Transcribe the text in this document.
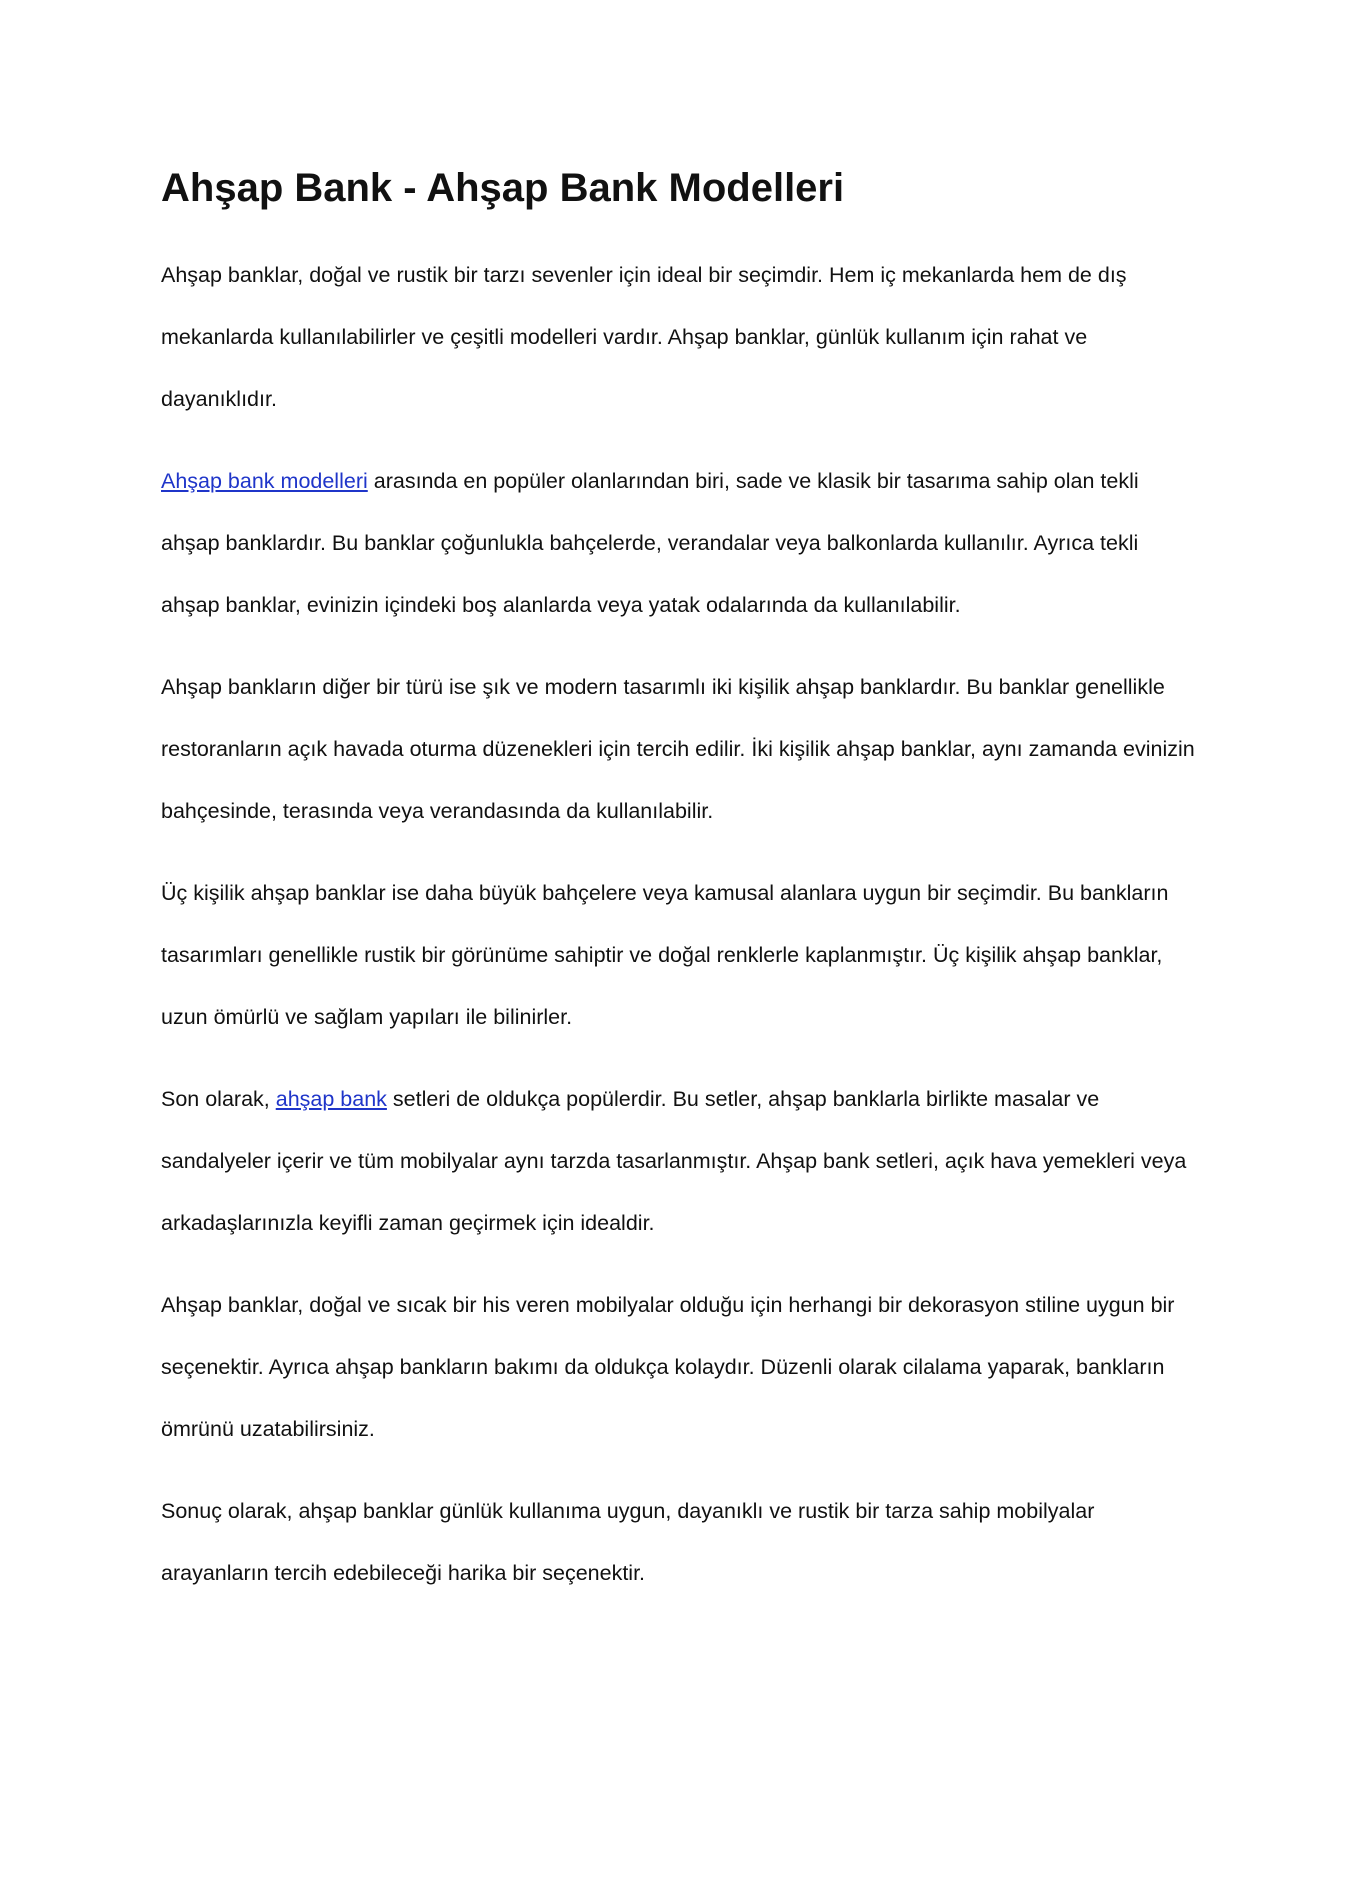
Ahşap Bank - Ahşap Bank Modelleri

Ahşap banklar, doğal ve rustik bir tarzı sevenler için ideal bir seçimdir. Hem iç mekanlarda hem de dış mekanlarda kullanılabilirler ve çeşitli modelleri vardır. Ahşap banklar, günlük kullanım için rahat ve dayanıklıdır.

Ahşap bank modelleri arasında en popüler olanlarından biri, sade ve klasik bir tasarıma sahip olan tekli ahşap banklardır. Bu banklar çoğunlukla bahçelerde, verandalar veya balkonlarda kullanılır. Ayrıca tekli ahşap banklar, evinizin içindeki boş alanlarda veya yatak odalarında da kullanılabilir.

Ahşap bankların diğer bir türü ise şık ve modern tasarımlı iki kişilik ahşap banklardır. Bu banklar genellikle restoranların açık havada oturma düzenekleri için tercih edilir. İki kişilik ahşap banklar, aynı zamanda evinizin bahçesinde, terasında veya verandasında da kullanılabilir.

Üç kişilik ahşap banklar ise daha büyük bahçelere veya kamusal alanlara uygun bir seçimdir. Bu bankların tasarımları genellikle rustik bir görünüme sahiptir ve doğal renklerle kaplanmıştır. Üç kişilik ahşap banklar, uzun ömürlü ve sağlam yapıları ile bilinirler.

Son olarak, ahşap bank setleri de oldukça popülerdir. Bu setler, ahşap banklarla birlikte masalar ve sandalyeler içerir ve tüm mobilyalar aynı tarzda tasarlanmıştır. Ahşap bank setleri, açık hava yemekleri veya arkadaşlarınızla keyifli zaman geçirmek için idealdir.

Ahşap banklar, doğal ve sıcak bir his veren mobilyalar olduğu için herhangi bir dekorasyon stiline uygun bir seçenektir. Ayrıca ahşap bankların bakımı da oldukça kolaydır. Düzenli olarak cilalama yaparak, bankların ömrünü uzatabilirsiniz.

Sonuç olarak, ahşap banklar günlük kullanıma uygun, dayanıklı ve rustik bir tarza sahip mobilyalar arayanların tercih edebileceği harika bir seçenektir.
